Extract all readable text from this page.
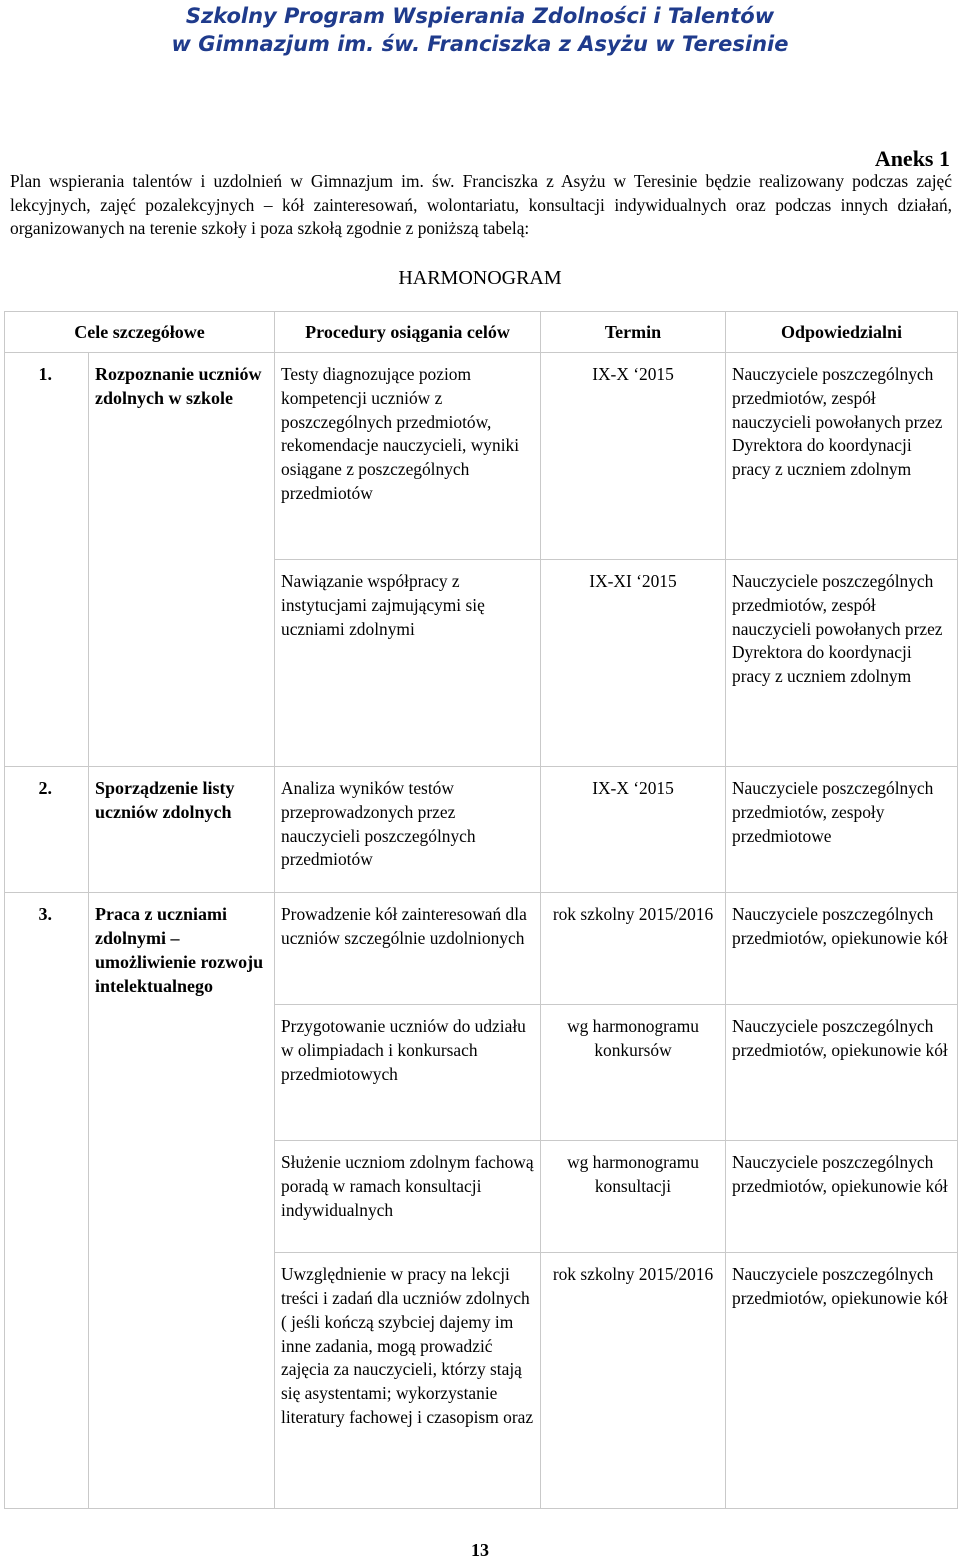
Szkolny Program Wspierania Zdolności i Talentów
w Gimnazjum im. św. Franciszka z Asyżu w Teresinie
Aneks 1
Plan wspierania talentów i uzdolnień w Gimnazjum im. św. Franciszka z Asyżu w Teresinie będzie realizowany podczas zajęć lekcyjnych, zajęć pozalekcyjnych – kół zainteresowań, wolontariatu, konsultacji indywidualnych oraz podczas innych działań, organizowanych na terenie szkoły i poza szkołą zgodnie z poniższą tabelą:
HARMONOGRAM
Cele szczegółowe		Procedury osiągania celów	Termin	Odpowiedzialni
1.	Rozpoznanie uczniów zdolnych w szkole	Testy diagnozujące poziom kompetencji uczniów z poszczególnych przedmiotów, rekomendacje nauczycieli, wyniki osiągane z poszczególnych przedmiotów	IX-X ‘2015	Nauczyciele poszczególnych przedmiotów, zespół nauczycieli powołanych przez Dyrektora do koordynacji pracy z uczniem zdolnym
		Nawiązanie współpracy z instytucjami zajmującymi się uczniami zdolnymi	IX-XI ‘2015	Nauczyciele poszczególnych przedmiotów, zespół nauczycieli powołanych przez Dyrektora do koordynacji pracy z uczniem zdolnym
2.	Sporządzenie listy uczniów zdolnych	Analiza wyników testów przeprowadzonych przez nauczycieli poszczególnych przedmiotów	IX-X ‘2015	Nauczyciele poszczególnych przedmiotów, zespoły przedmiotowe
3.	Praca z uczniami zdolnymi – umożliwienie rozwoju intelektualnego	Prowadzenie kół zainteresowań dla uczniów szczególnie uzdolnionych	rok szkolny 2015/2016	Nauczyciele poszczególnych przedmiotów, opiekunowie kół
		Przygotowanie uczniów do udziału w olimpiadach i konkursach przedmiotowych	wg harmonogramu konkursów	Nauczyciele poszczególnych przedmiotów, opiekunowie kół
		Służenie uczniom zdolnym fachową poradą w ramach konsultacji indywidualnych	wg harmonogramu konsultacji	Nauczyciele poszczególnych przedmiotów, opiekunowie kół
		Uwzględnienie w pracy na lekcji treści i zadań dla uczniów zdolnych ( jeśli kończą szybciej dajemy im inne zadania, mogą prowadzić zajęcia za nauczycieli, którzy stają się asystentami; wykorzystanie literatury fachowej i czasopism oraz	rok szkolny 2015/2016	Nauczyciele poszczególnych przedmiotów, opiekunowie kół
13
